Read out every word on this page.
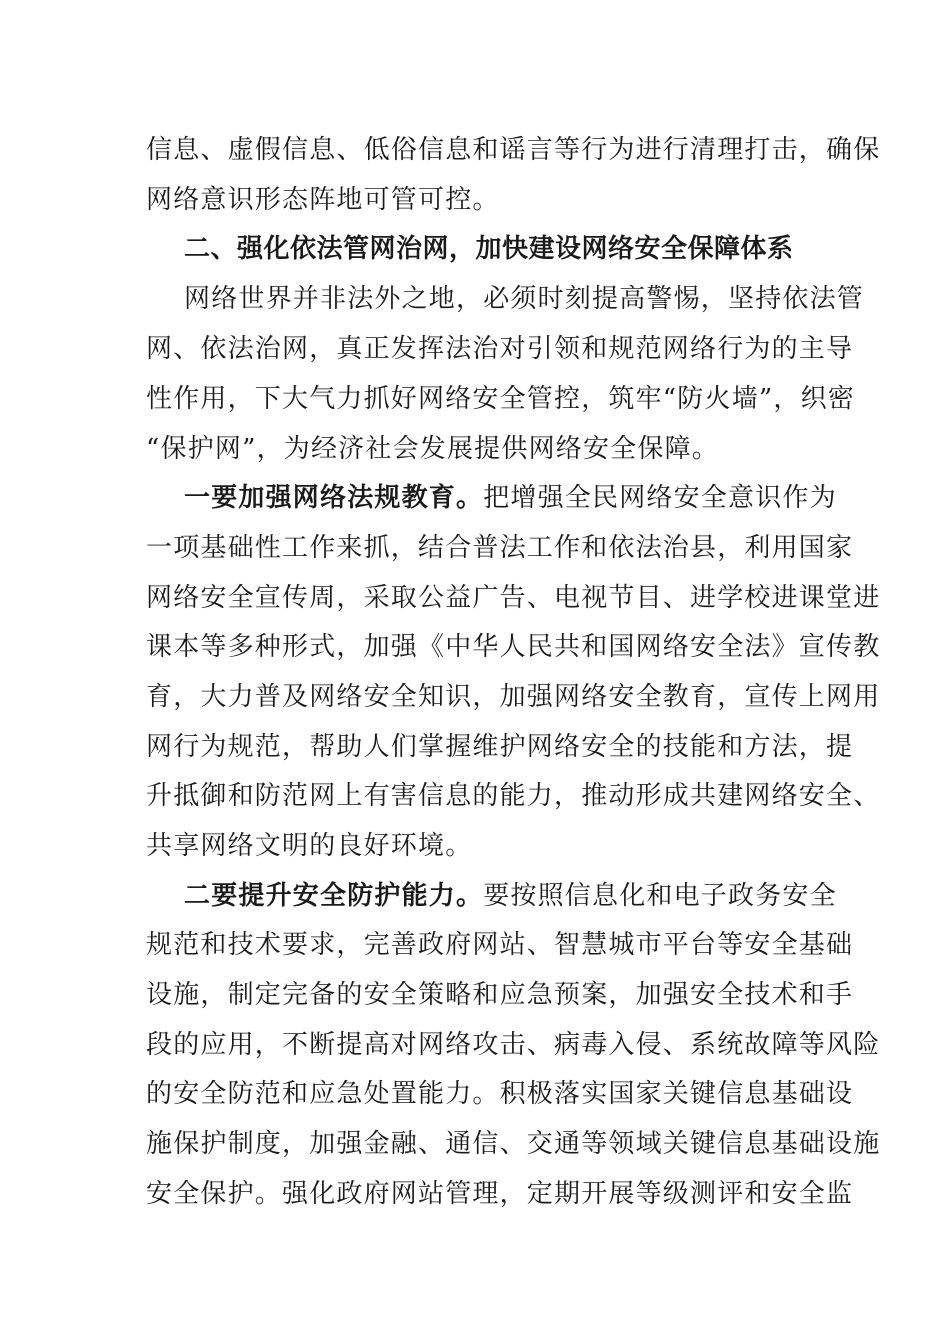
信息、虚假信息、低俗信息和谣言等行为进行清理打击，确保
网络意识形态阵地可管可控。
二、强化依法管网治网，加快建设网络安全保障体系
网络世界并非法外之地，必须时刻提高警惕，坚持依法管
网、依法治网，真正发挥法治对引领和规范网络行为的主导
性作用，下大气力抓好网络安全管控，筑牢“防火墙”，织密
“保护网”，为经济社会发展提供网络安全保障。
一要加强网络法规教育。把增强全民网络安全意识作为
一项基础性工作来抓，结合普法工作和依法治县，利用国家
网络安全宣传周，采取公益广告、电视节目、进学校进课堂进
课本等多种形式，加强《中华人民共和国网络安全法》宣传教
育，大力普及网络安全知识，加强网络安全教育，宣传上网用
网行为规范，帮助人们掌握维护网络安全的技能和方法，提
升抵御和防范网上有害信息的能力，推动形成共建网络安全、
共享网络文明的良好环境。
二要提升安全防护能力。要按照信息化和电子政务安全
规范和技术要求，完善政府网站、智慧城市平台等安全基础
设施，制定完备的安全策略和应急预案，加强安全技术和手
段的应用，不断提高对网络攻击、病毒入侵、系统故障等风险
的安全防范和应急处置能力。积极落实国家关键信息基础设
施保护制度，加强金融、通信、交通等领域关键信息基础设施
安全保护。强化政府网站管理，定期开展等级测评和安全监
